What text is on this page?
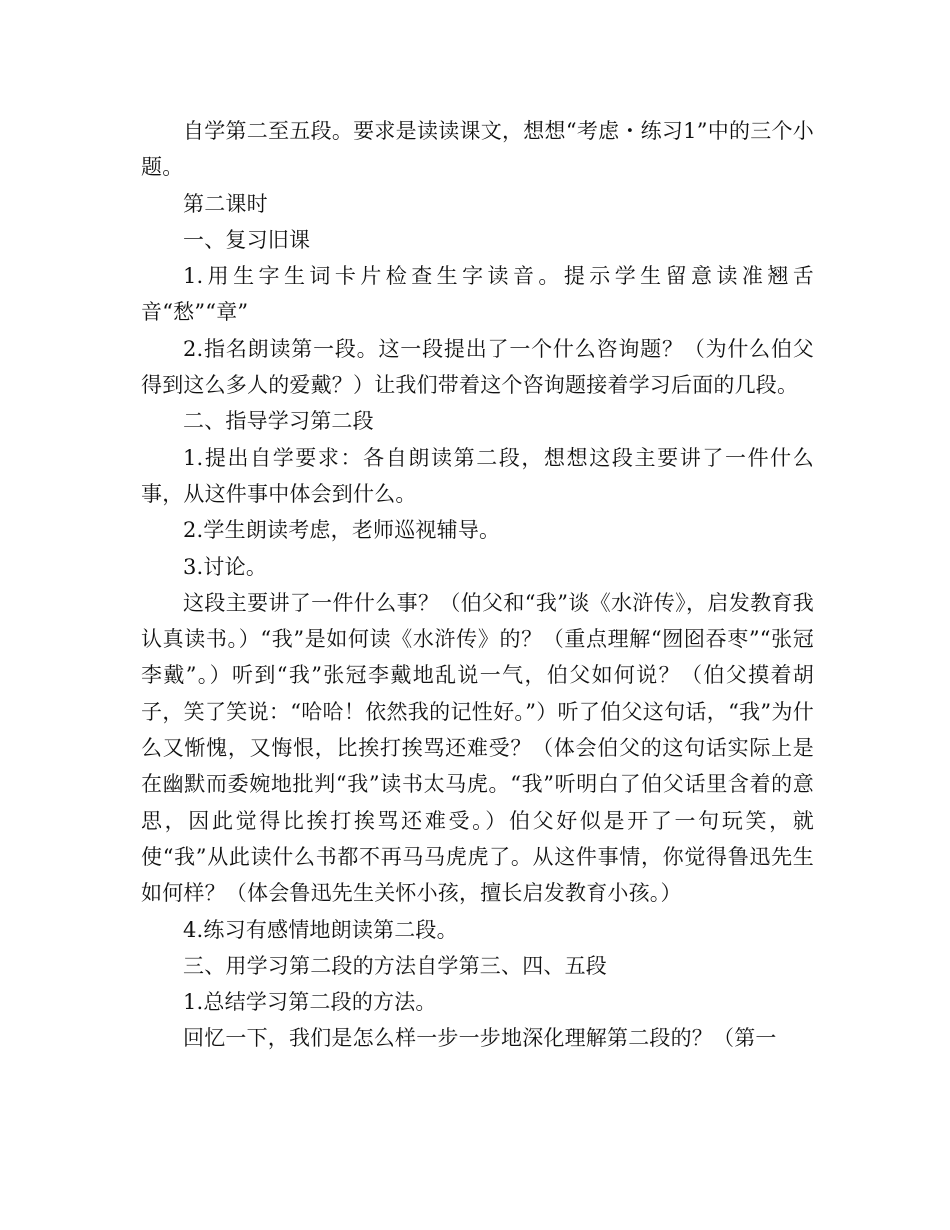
自学第二至五段。要求是读读课文，想想“考虑・练习1”中的三个小题。

第二课时

一、复习旧课

1.用生字生词卡片检查生字读音。提示学生留意读准翘舌音“愁”“章”

2.指名朗读第一段。这一段提出了一个什么咨询题？（为什么伯父得到这么多人的爱戴？）让我们带着这个咨询题接着学习后面的几段。

二、指导学习第二段

1.提出自学要求：各自朗读第二段，想想这段主要讲了一件什么事，从这件事中体会到什么。

2.学生朗读考虑，老师巡视辅导。

3.讨论。

这段主要讲了一件什么事？（伯父和“我”谈《水浒传》，启发教育我认真读书。）“我”是如何读《水浒传》的？（重点理解“囫囵吞枣”“张冠李戴”。）听到“我”张冠李戴地乱说一气，伯父如何说？（伯父摸着胡子，笑了笑说：“哈哈！依然我的记性好。”）听了伯父这句话，“我”为什么又惭愧，又悔恨，比挨打挨骂还难受？（体会伯父的这句话实际上是在幽默而委婉地批判“我”读书太马虎。“我”听明白了伯父话里含着的意思，因此觉得比挨打挨骂还难受。）伯父好似是开了一句玩笑，就使“我”从此读什么书都不再马马虎虎了。从这件事情，你觉得鲁迅先生如何样？（体会鲁迅先生关怀小孩，擅长启发教育小孩。）

4.练习有感情地朗读第二段。

三、用学习第二段的方法自学第三、四、五段

1.总结学习第二段的方法。

回忆一下，我们是怎么样一步一步地深化理解第二段的？（第一
